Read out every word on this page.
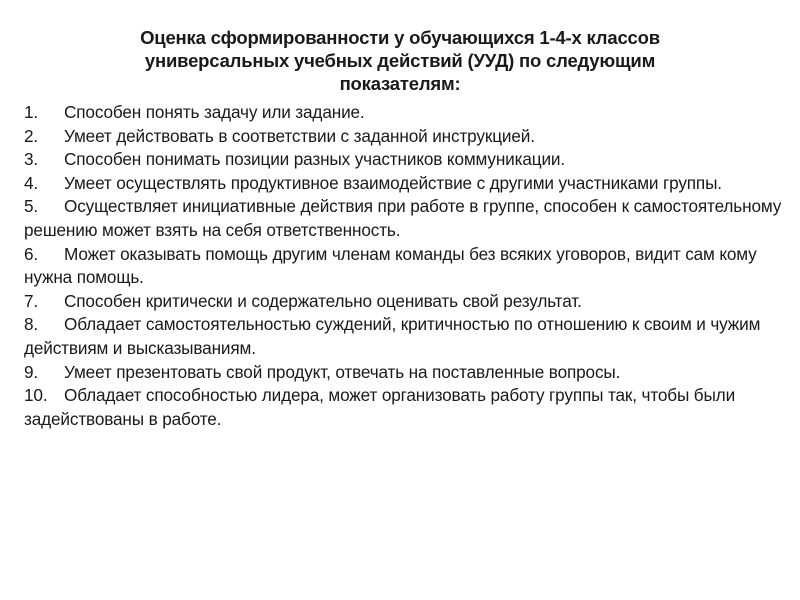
Оценка сформированности у обучающихся 1-4-х классов
универсальных учебных действий (УУД) по следующим
показателям:
1. Способен понять задачу или задание.
2. Умеет действовать в соответствии с заданной инструкцией.
3. Способен понимать позиции разных участников коммуникации.
4. Умеет осуществлять продуктивное взаимодействие с другими участниками группы.
5. Осуществляет инициативные действия при работе в группе, способен к самостоятельному решению может взять на себя ответственность.
6. Может оказывать помощь другим членам команды без всяких уговоров, видит сам кому нужна помощь.
7. Способен критически и содержательно оценивать свой результат.
8. Обладает самостоятельностью суждений, критичностью по отношению к своим и чужим действиям и высказываниям.
9. Умеет презентовать свой продукт, отвечать на поставленные вопросы.
10. Обладает способностью лидера, может организовать работу группы так, чтобы были задействованы в работе.
